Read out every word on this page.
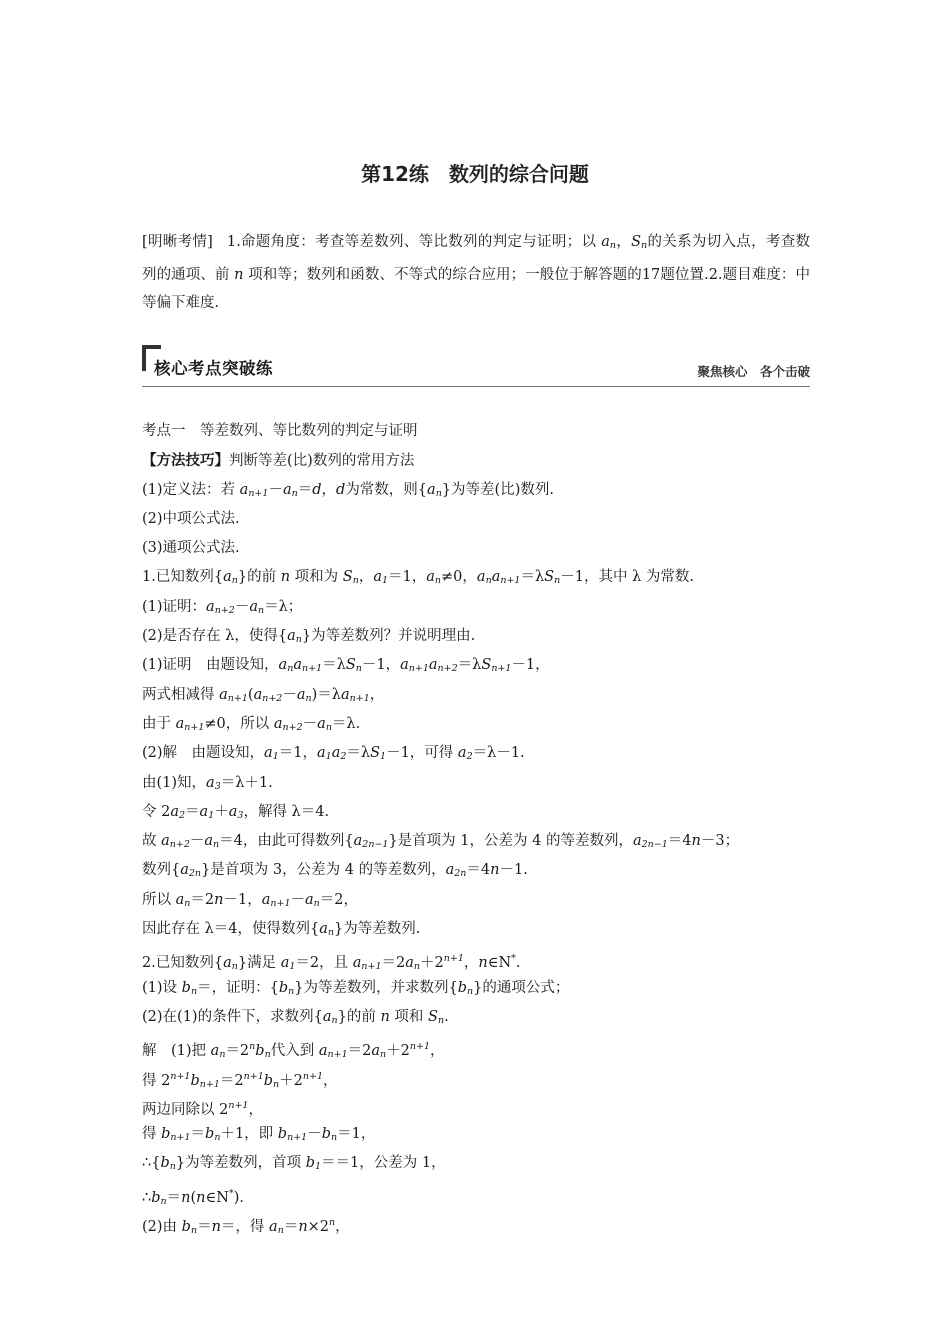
第12练　数列的综合问题
[明晰考情] 1.命题角度：考查等差数列、等比数列的判定与证明；以 $a_n$，$S_n$的关系为切入点，考查数列的通项、前 n 项和等；数列和函数、不等式的综合应用；一般位于解答题的17题位置.2.题目难度：中等偏下难度.
核心考点突破练	聚焦核心　各个击破
考点一　等差数列、等比数列的判定与证明
【方法技巧】判断等差(比)数列的常用方法
(1)定义法：若 $a_{n+1}-a_n=d$，d为常数，则$\{a_n\}$为等差(比)数列.
(2)中项公式法.
(3)通项公式法.
1.已知数列$\{a_n\}$的前 n 项和为 $S_n$，$a_1=1$，$a_n\ne 0$，$a_na_{n+1}=\lambda S_n-1$，其中 λ 为常数.
(1)证明：$a_{n+2}-a_n=\lambda$；
(2)是否存在 λ，使得$\{a_n\}$为等差数列？并说明理由.
(1)证明　由题设知，$a_na_{n+1}=\lambda S_n-1$，$a_{n+1}a_{n+2}=\lambda S_{n+1}-1$，
两式相减得 $a_{n+1}(a_{n+2}-a_n)=\lambda a_{n+1}$，
由于 $a_{n+1}\ne 0$，所以 $a_{n+2}-a_n=\lambda$.
(2)解　由题设知，$a_1=1$，$a_1a_2=\lambda S_1-1$，可得 $a_2=\lambda-1$.
由(1)知，$a_3=\lambda+1$.
令 $2a_2=a_1+a_3$，解得 λ＝4.
故 $a_{n+2}-a_n=4$，由此可得数列$\{a_{2n-1}\}$是首项为 1，公差为 4 的等差数列，$a_{2n-1}=4n-3$；
数列$\{a_{2n}\}$是首项为 3，公差为 4 的等差数列，$a_{2n}=4n-1$.
所以 $a_n=2n-1$，$a_{n+1}-a_n=2$，
因此存在 λ＝4，使得数列$\{a_n\}$为等差数列.
2.已知数列$\{a_n\}$满足 $a_1=2$，且 $a_{n+1}=2a_n+2^{n+1}$，n∈N*.
(1)设 $b_n=$，证明：$\{b_n\}$为等差数列，并求数列$\{b_n\}$的通项公式；
(2)在(1)的条件下，求数列$\{a_n\}$的前 n 项和 $S_n$.
解　(1)把 $a_n=2^nb_n$代入到 $a_{n+1}=2a_n+2^{n+1}$，
得 $2^{n+1}b_{n+1}=2^{n+1}b_n+2^{n+1}$，
两边同除以 $2^{n+1}$，
得 $b_{n+1}=b_n+1$，即 $b_{n+1}-b_n=1$，
$\therefore\{b_n\}$为等差数列，首项 $b_1==1$，公差为 1，
$\therefore b_n=n(n\in N^*)$．
(2)由 $b_n=n=$，得 $a_n=n\times 2^n$，
